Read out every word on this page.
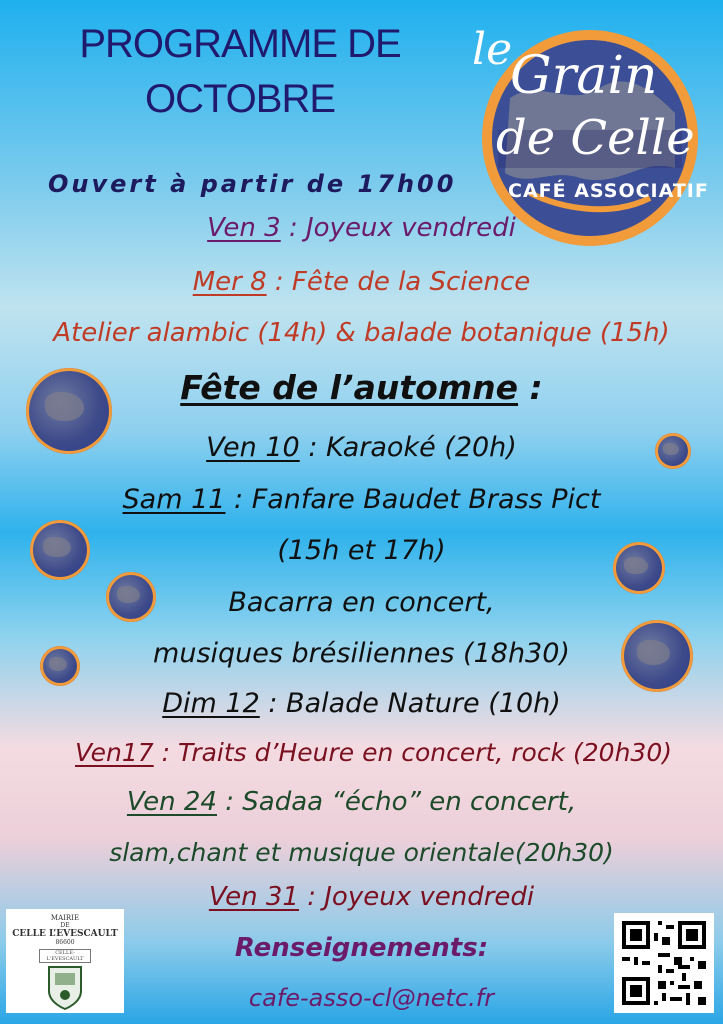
PROGRAMME DE
OCTOBRE
le
Grain
de Celle
CAFÉ ASSOCIATIF
Ouvert à partir de 17h00
Ven 3 : Joyeux vendredi
Mer 8 : Fête de la Science
Atelier alambic (14h) & balade botanique (15h)
Fête de l’automne :
Ven 10 : Karaoké (20h)
Sam 11 : Fanfare Baudet Brass Pict
(15h et 17h)
Bacarra en concert,
musiques brésiliennes (18h30)
Dim 12 : Balade Nature (10h)
Ven17 : Traits d’Heure en concert, rock (20h30)
Ven 24 : Sadaa “écho” en concert,
slam,chant et musique orientale(20h30)
Ven 31 : Joyeux vendredi
Renseignements:
cafe-asso-cl@netc.fr
MAIRIE
DE
CELLE L’EVESCAULT
86600
CELLE-L'EVESCAULT
